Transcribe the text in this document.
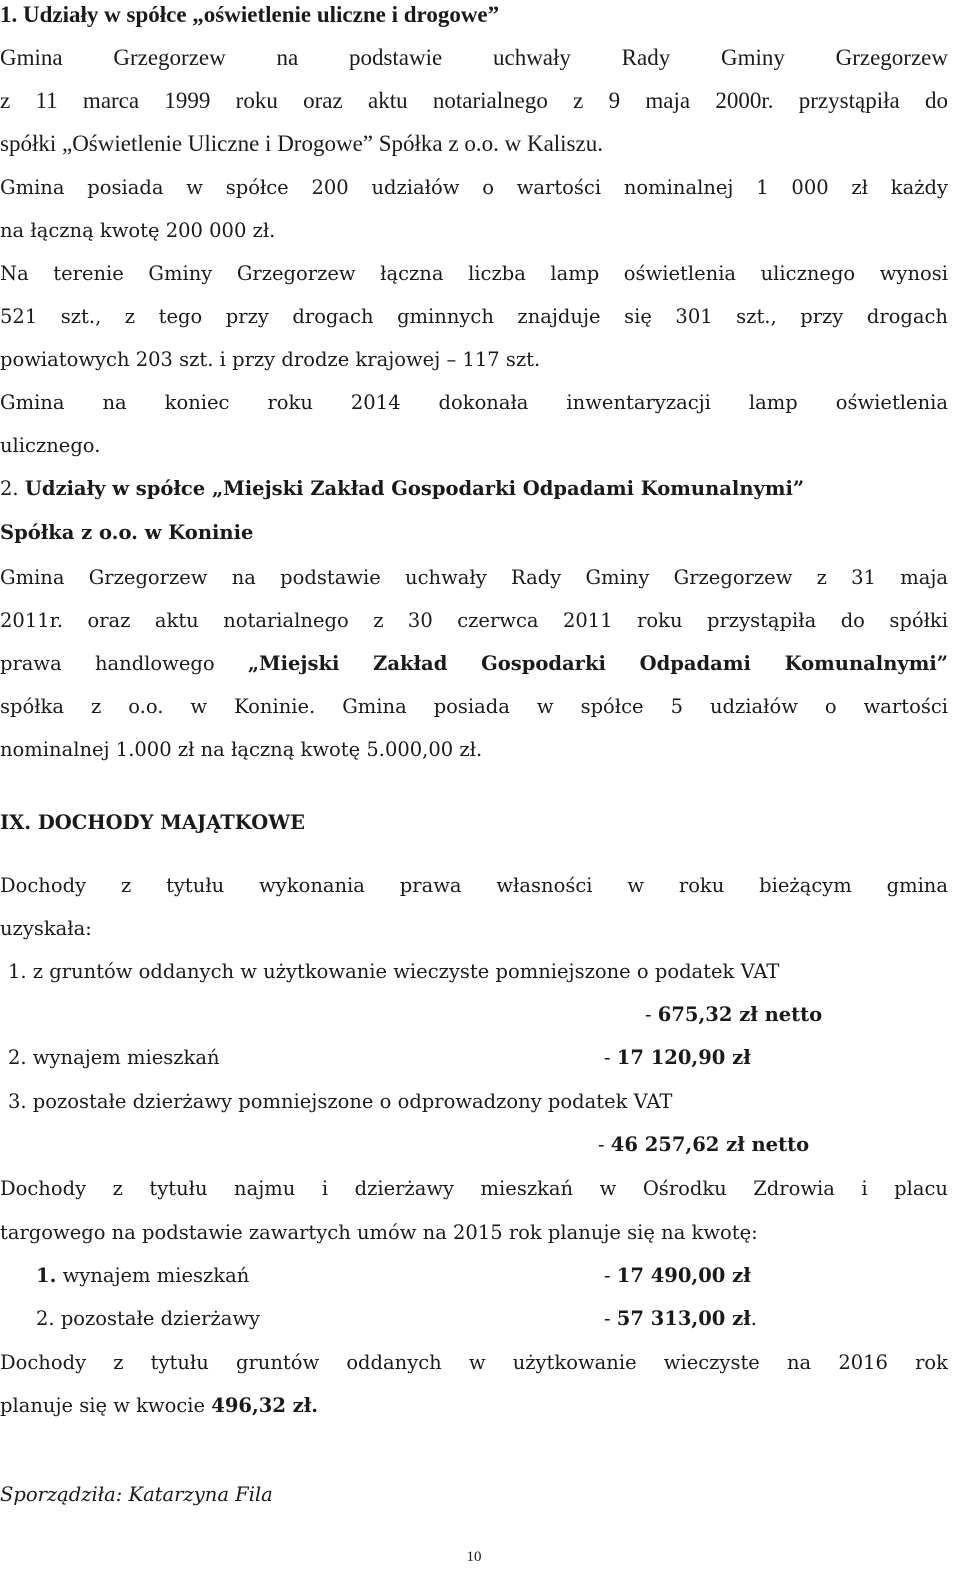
1. Udziały w spółce „oświetlenie uliczne i drogowe”
Gmina Grzegorzew na podstawie uchwały Rady Gminy Grzegorzew
z 11 marca 1999 roku oraz aktu notarialnego z 9 maja 2000r. przystąpiła do
spółki „Oświetlenie Uliczne i Drogowe” Spółka z o.o. w Kaliszu.
Gmina posiada w spółce 200 udziałów o wartości nominalnej 1 000 zł każdy
na łączną kwotę 200 000 zł.
Na terenie Gminy Grzegorzew łączna liczba lamp oświetlenia ulicznego wynosi
521 szt., z tego przy drogach gminnych znajduje się 301 szt., przy drogach
powiatowych 203 szt. i przy drodze krajowej – 117 szt.
Gmina na koniec roku 2014 dokonała inwentaryzacji lamp oświetlenia
ulicznego.
2. Udziały w spółce „Miejski Zakład Gospodarki Odpadami Komunalnymi”
Spółka z o.o. w Koninie
Gmina Grzegorzew na podstawie uchwały Rady Gminy Grzegorzew z 31 maja
2011r. oraz aktu notarialnego z 30 czerwca 2011 roku przystąpiła do spółki
prawa handlowego „Miejski Zakład Gospodarki Odpadami Komunalnymi”
spółka z o.o. w Koninie. Gmina posiada w spółce 5 udziałów o wartości
nominalnej 1.000 zł na łączną kwotę 5.000,00 zł.
IX. DOCHODY MAJĄTKOWE
Dochody z tytułu wykonania prawa własności w roku bieżącym gmina
uzyskała:
1. z gruntów oddanych w użytkowanie wieczyste pomniejszone o podatek VAT
- 675,32 zł netto
2. wynajem mieszkań	- 17 120,90 zł
3. pozostałe dzierżawy pomniejszone o odprowadzony podatek VAT
- 46 257,62 zł netto
Dochody z tytułu najmu i dzierżawy mieszkań w Ośrodku Zdrowia i placu
targowego na podstawie zawartych umów na 2015 rok planuje się na kwotę:
1. wynajem mieszkań	- 17 490,00 zł
2. pozostałe dzierżawy	- 57 313,00 zł.
Dochody z tytułu gruntów oddanych w użytkowanie wieczyste na 2016 rok
planuje się w kwocie 496,32 zł.
Sporządziła: Katarzyna Fila
10
